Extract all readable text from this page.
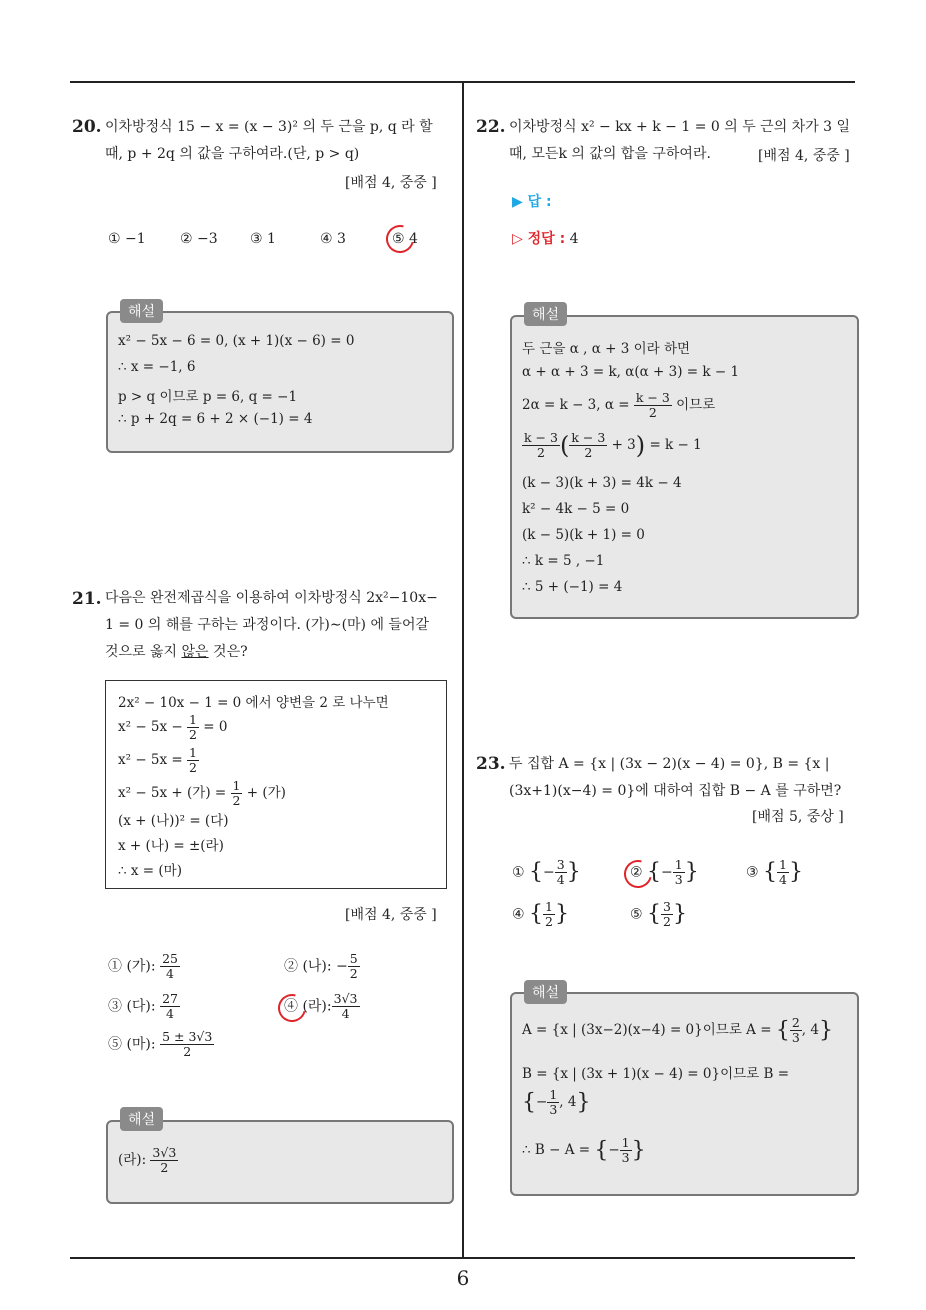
6
20. 이차방정식 15 − x = (x − 3)² 의 두 근을 p, q 라 할
때, p + 2q 의 값을 구하여라.(단, p > q)
[배점 4, 중중 ]
① −1 ② −3 ③ 1	④ 3	⑤ 4
x² − 5x − 6 = 0, (x + 1)(x − 6) = 0
∴ x = −1, 6
p > q 이므로 p = 6, q = −1
∴ p + 2q = 6 + 2 × (−1) = 4
해설
21. 다음은 완전제곱식을 이용하여 이차방정식 2x²−10x−
1 = 0 의 해를 구하는 과정이다. (가)∼(마) 에 들어갈
것으로 옳지 않은 것은?
2x² − 10x − 1 = 0 에서 양변을 2 로 나누면
$x^2 - 5x - \frac{1}{2} = 0$
$x^2 - 5x = \frac{1}{2}$
x² − 5x + (가) = $\frac{1}{2}$ + (가)
(x + (나))² = (다)
x + (나) = ±(라)
∴ x = (마)
[배점 4, 중중 ]
① (가): $\frac{25}{4}$	② (나): − $\frac{5}{2}$
③ (다): $\frac{27}{4}$	④ (라): $\frac{3√3}{4}$
⑤ (마): $\frac{5 \pm 3√3}{2}$
(라): $\frac{3√3}{2}$
해설
22. 이차방정식 x² − kx + k − 1 = 0 의 두 근의 차가 3 일
때, 모든k 의 값의 합을 구하여라.	[배점 4, 중중 ]
▶ 답 :
▷ 정답 : 4
두 근을 α , α + 3 이라 하면
α + α + 3 = k, α(α + 3) = k − 1
2α = k − 3, $\alpha = \frac{k - 3}{2}$ 이므로
$\frac{k - 3}{2}$ ( $\frac{k - 3}{2} + 3) = k - 1$
(k − 3)(k + 3) = 4k − 4
k² − 4k − 5 = 0
(k − 5)(k + 1) = 0
∴ k = 5 , −1
∴ 5 + (−1) = 4
해설
23. 두 집합 A = {x | (3x − 2)(x − 4) = 0}, B = {x |
(3x+1)(x−4) = 0}에 대하여 집합 B − A 를 구하면?
[배점 5, 중상 ]
① {− $\frac{3}{4}$ }	② {− $\frac{1}{3}$ }	③ { $\frac{1}{4}$ }
④ { $\frac{1}{2}$ }	⑤ { $\frac{3}{2}$ }
A = {x | (3x−2)(x−4) = 0}이므로 A = { $\frac{2}{3}$ , 4}
B = {x | (3x + 1)(x − 4) = 0}이므로 B =
{− $\frac{1}{3}$ , 4}
∴ B − A = {− $\frac{1}{3}$ }
해설
